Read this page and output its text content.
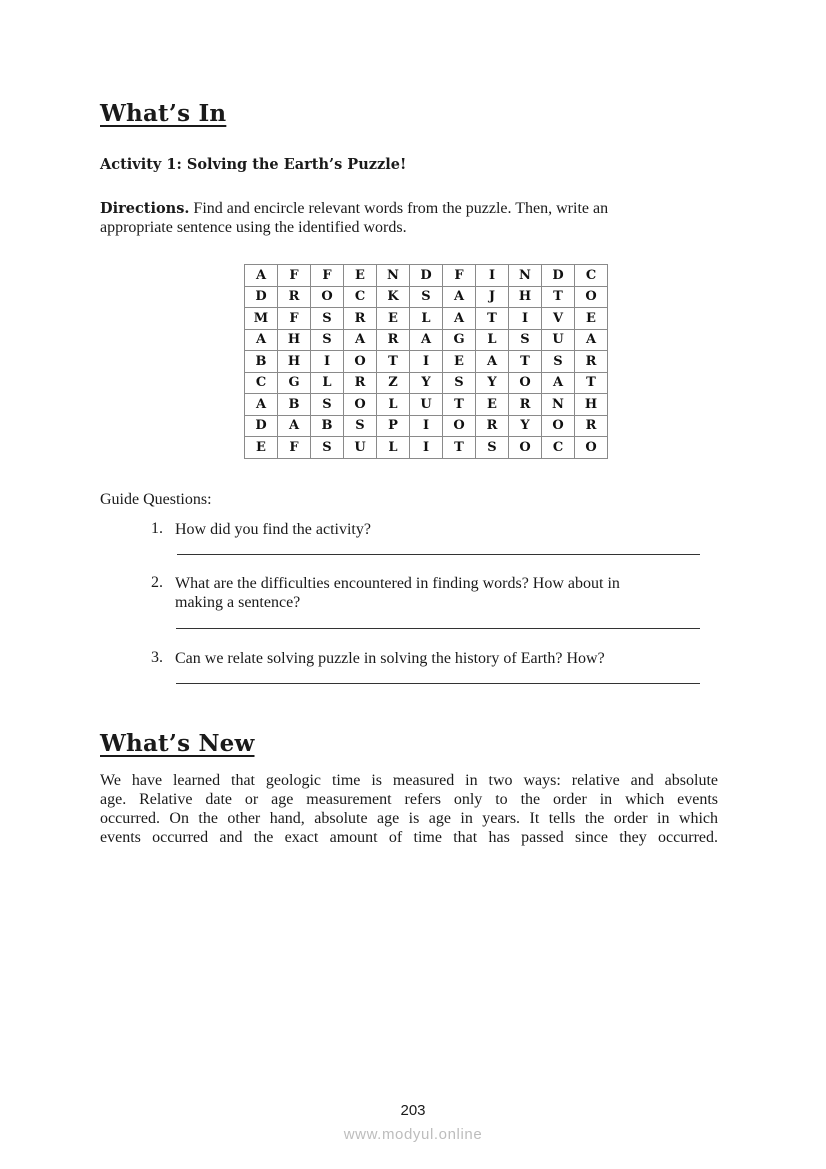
What’s In
Activity 1: Solving the Earth’s Puzzle!
Directions. Find and encircle relevant words from the puzzle. Then, write an
appropriate sentence using the identified words.
A	F	F	E	N	D	F	I	N	D	C
D	R	O	C	K	S	A	J	H	T	O
M	F	S	R	E	L	A	T	I	V	E
A	H	S	A	R	A	G	L	S	U	A
B	H	I	O	T	I	E	A	T	S	R
C	G	L	R	Z	Y	S	Y	O	A	T
A	B	S	O	L	U	T	E	R	N	H
D	A	B	S	P	I	O	R	Y	O	R
E	F	S	U	L	I	T	S	O	C	O
Guide Questions:
1. How did you find the activity?
2. What are the difficulties encountered in finding words? How about in
making a sentence?
3. Can we relate solving puzzle in solving the history of Earth? How?
What’s New
We have learned that geologic time is measured in two ways: relative and absolute
age. Relative date or age measurement refers only to the order in which events
occurred. On the other hand, absolute age is age in years. It tells the order in which
events occurred and the exact amount of time that has passed since they occurred.
203
www.modyul.online
